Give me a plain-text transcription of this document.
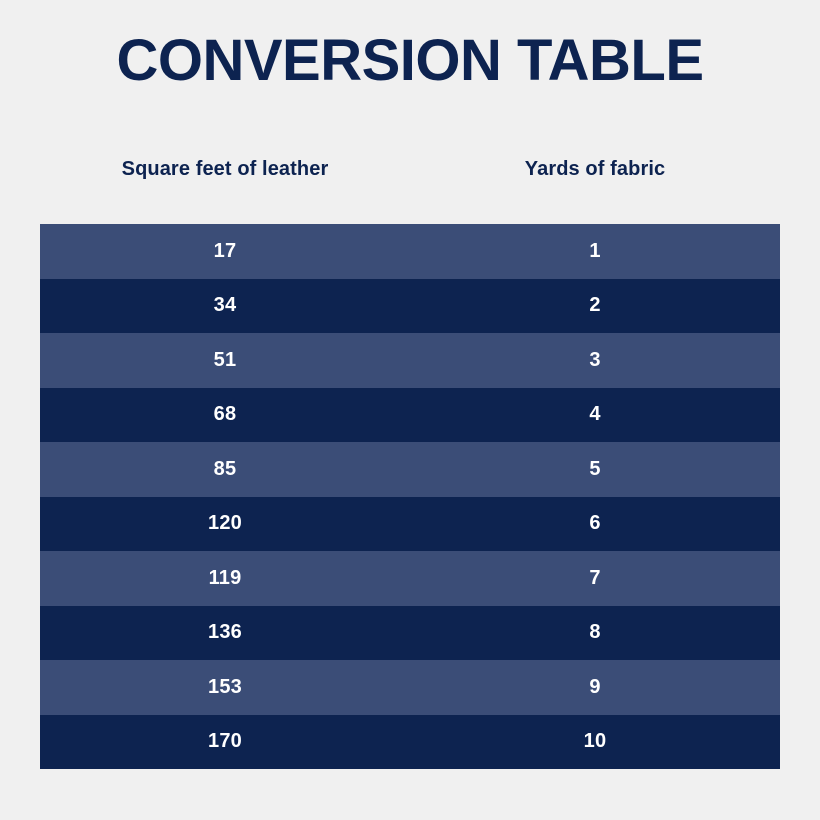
CONVERSION TABLE
Square feet of leather	Yards of fabric
17	1
34	2
51	3
68	4
85	5
120	6
119	7
136	8
153	9
170	10
